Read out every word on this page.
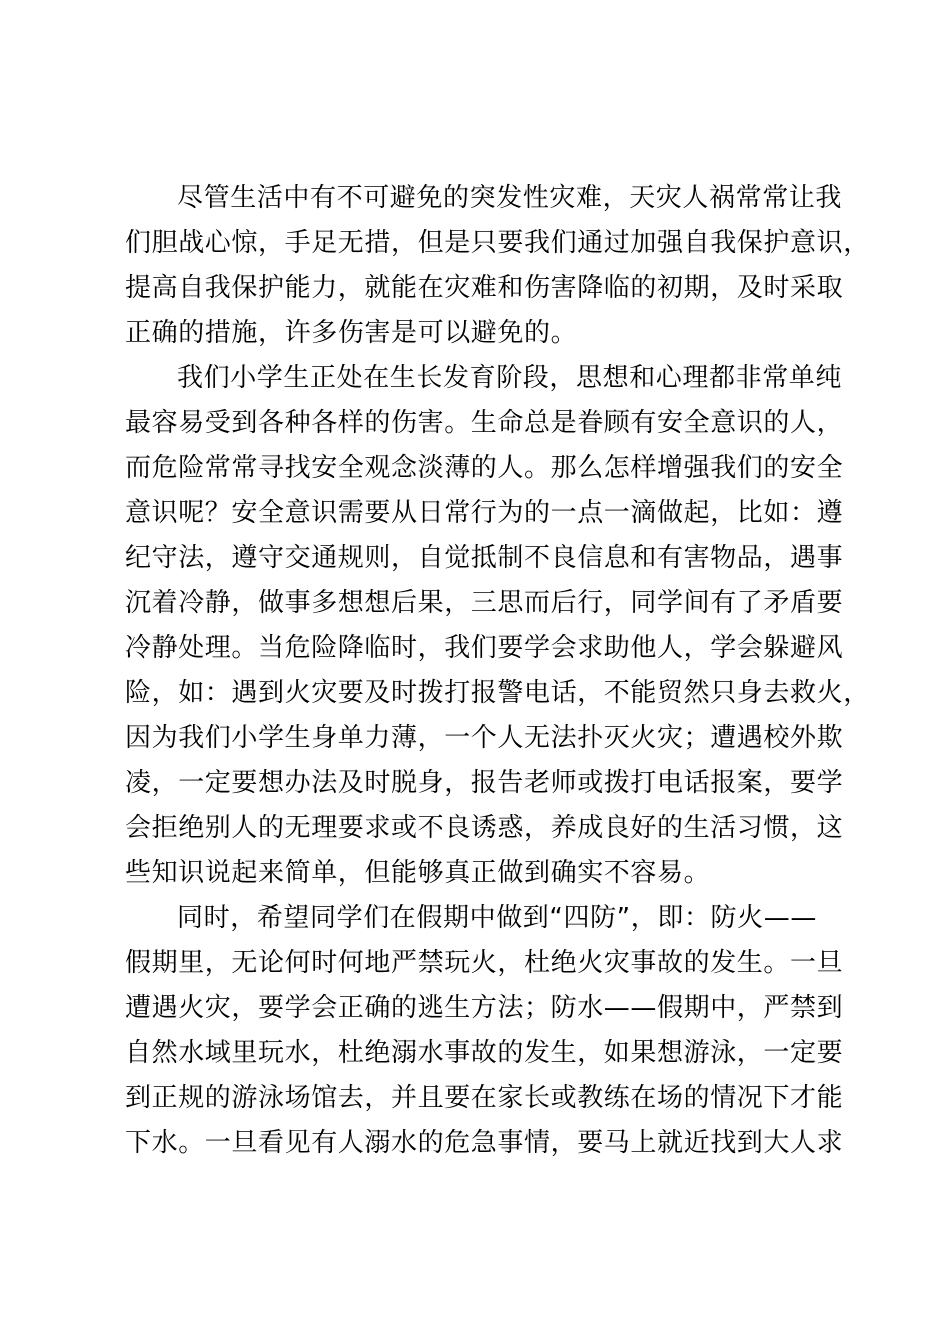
尽管生活中有不可避免的突发性灾难，天灾人祸常常让我
们胆战心惊，手足无措，但是只要我们通过加强自我保护意识，
提高自我保护能力，就能在灾难和伤害降临的初期，及时采取
正确的措施，许多伤害是可以避免的。
我们小学生正处在生长发育阶段，思想和心理都非常单纯
最容易受到各种各样的伤害。生命总是眷顾有安全意识的人，
而危险常常寻找安全观念淡薄的人。那么怎样增强我们的安全
意识呢？安全意识需要从日常行为的一点一滴做起，比如：遵
纪守法，遵守交通规则，自觉抵制不良信息和有害物品，遇事
沉着冷静，做事多想想后果，三思而后行，同学间有了矛盾要
冷静处理。当危险降临时，我们要学会求助他人，学会躲避风
险，如：遇到火灾要及时拨打报警电话，不能贸然只身去救火，
因为我们小学生身单力薄，一个人无法扑灭火灾；遭遇校外欺
凌，一定要想办法及时脱身，报告老师或拨打电话报案，要学
会拒绝别人的无理要求或不良诱惑，养成良好的生活习惯，这
些知识说起来简单，但能够真正做到确实不容易。
同时，希望同学们在假期中做到“四防”，即：防火——
假期里，无论何时何地严禁玩火，杜绝火灾事故的发生。一旦
遭遇火灾，要学会正确的逃生方法；防水——假期中，严禁到
自然水域里玩水，杜绝溺水事故的发生，如果想游泳，一定要
到正规的游泳场馆去，并且要在家长或教练在场的情况下才能
下水。一旦看见有人溺水的危急事情，要马上就近找到大人求
